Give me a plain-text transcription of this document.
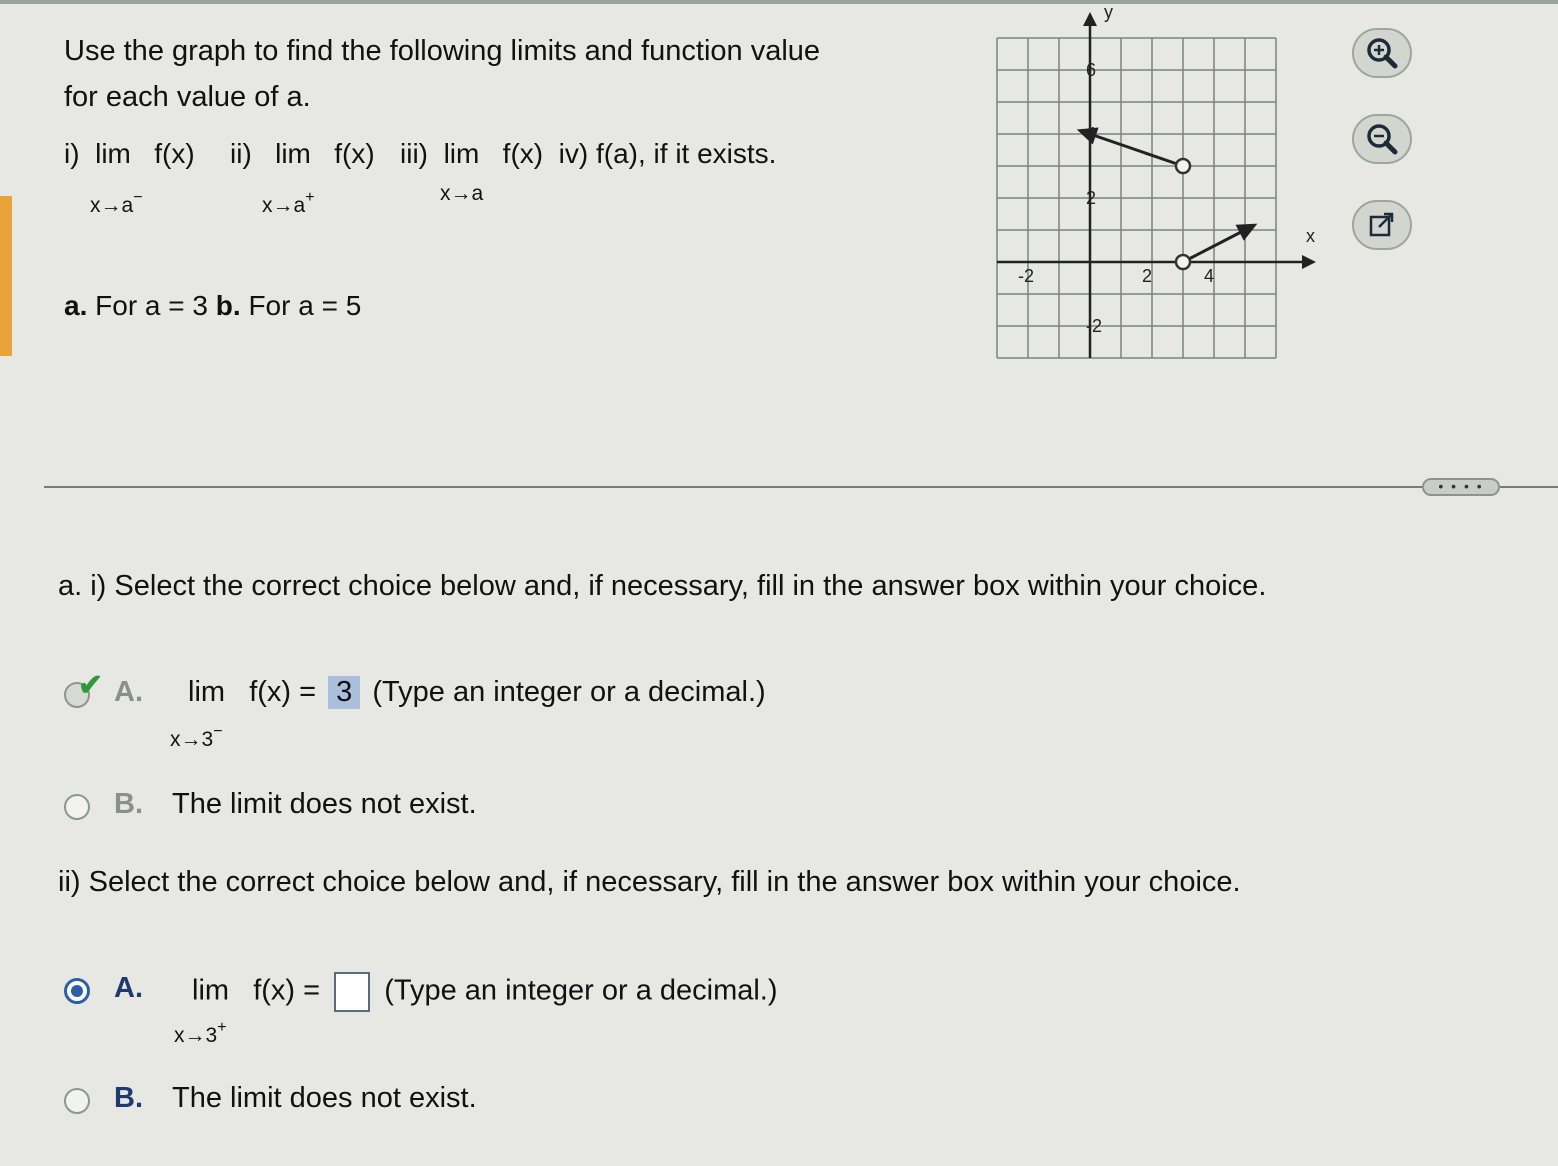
Use the graph to find the following limits and function value
for each value of a.
i) lim f(x)
x→a−
ii) lim f(x)
x→a+
iii) lim f(x) iv) f(a), if it exists.
x→a
a. For a = 3 b. For a = 5
6
4
2
-2
-2	2	4
x
y
• • • •
a. i) Select the correct choice below and, if necessary, fill in the answer box within your choice.
✔ A. lim f(x) = 3 (Type an integer or a decimal.)
x→3−
B. The limit does not exist.
ii) Select the correct choice below and, if necessary, fill in the answer box within your choice.
A. lim f(x) = (Type an integer or a decimal.)
x→3+
B. The limit does not exist.
